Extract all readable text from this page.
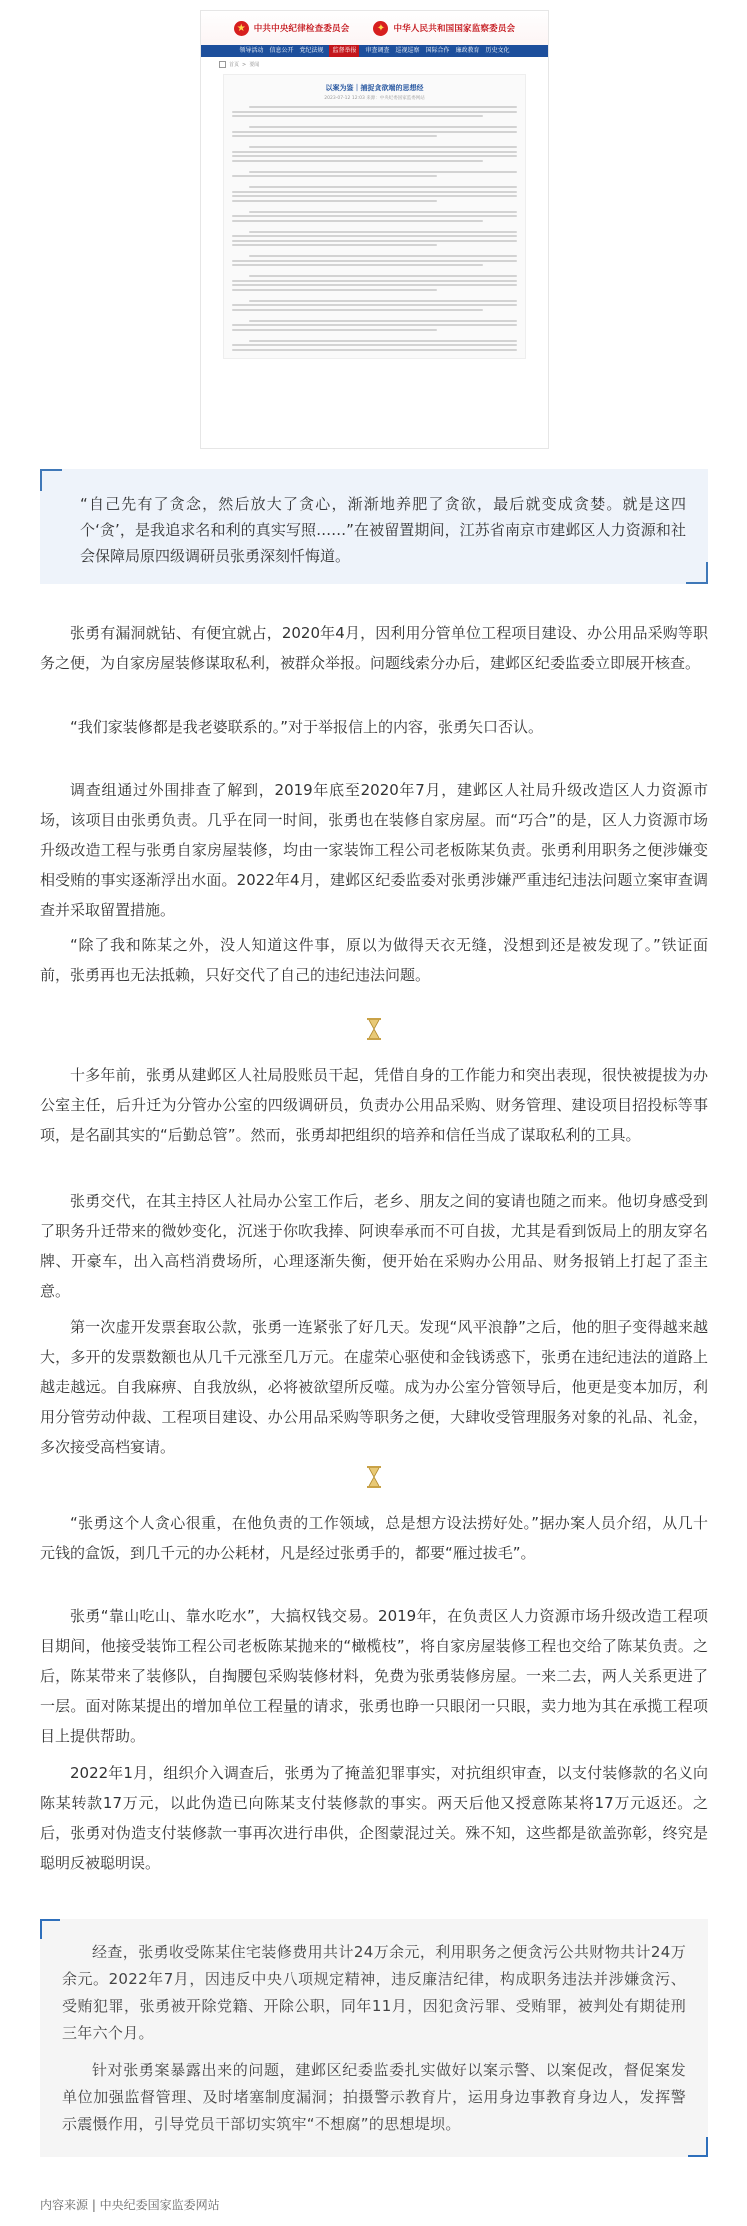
★ 中共中央纪律检查委员会	✦ 中华人民共和国国家监察委员会
领导活动 信息公开 党纪法规	监督举报	审查调查 巡视巡察 国际合作 廉政教育 历史文化
首页 > 要闻
以案为鉴｜捕捉贪欲端的思想经
2023-07-12 12:03 来源：中央纪委国家监委网站
“自己先有了贪念，然后放大了贪心，渐渐地养肥了贪欲，最后就变成贪婪。就是这四个‘贪’，是我追求名和利的真实写照……”在被留置期间，江苏省南京市建邺区人力资源和社会保障局原四级调研员张勇深刻忏悔道。

张勇有漏洞就钻、有便宜就占，2020年4月，因利用分管单位工程项目建设、办公用品采购等职务之便，为自家房屋装修谋取私利，被群众举报。问题线索分办后，建邺区纪委监委立即展开核查。

“我们家装修都是我老婆联系的。”对于举报信上的内容，张勇矢口否认。

调查组通过外围排查了解到，2019年底至2020年7月，建邺区人社局升级改造区人力资源市场，该项目由张勇负责。几乎在同一时间，张勇也在装修自家房屋。而“巧合”的是，区人力资源市场升级改造工程与张勇自家房屋装修，均由一家装饰工程公司老板陈某负责。张勇利用职务之便涉嫌变相受贿的事实逐渐浮出水面。2022年4月，建邺区纪委监委对张勇涉嫌严重违纪违法问题立案审查调查并采取留置措施。

“除了我和陈某之外，没人知道这件事，原以为做得天衣无缝，没想到还是被发现了。”铁证面前，张勇再也无法抵赖，只好交代了自己的违纪违法问题。

十多年前，张勇从建邺区人社局股账员干起，凭借自身的工作能力和突出表现，很快被提拔为办公室主任，后升迁为分管办公室的四级调研员，负责办公用品采购、财务管理、建设项目招投标等事项，是名副其实的“后勤总管”。然而，张勇却把组织的培养和信任当成了谋取私利的工具。

张勇交代，在其主持区人社局办公室工作后，老乡、朋友之间的宴请也随之而来。他切身感受到了职务升迁带来的微妙变化，沉迷于你吹我捧、阿谀奉承而不可自拔，尤其是看到饭局上的朋友穿名牌、开豪车，出入高档消费场所，心理逐渐失衡，便开始在采购办公用品、财务报销上打起了歪主意。

第一次虚开发票套取公款，张勇一连紧张了好几天。发现“风平浪静”之后，他的胆子变得越来越大，多开的发票数额也从几千元涨至几万元。在虚荣心驱使和金钱诱惑下，张勇在违纪违法的道路上越走越远。自我麻痹、自我放纵，必将被欲望所反噬。成为办公室分管领导后，他更是变本加厉，利用分管劳动仲裁、工程项目建设、办公用品采购等职务之便，大肆收受管理服务对象的礼品、礼金，多次接受高档宴请。

“张勇这个人贪心很重，在他负责的工作领域，总是想方设法捞好处。”据办案人员介绍，从几十元钱的盒饭，到几千元的办公耗材，凡是经过张勇手的，都要“雁过拔毛”。

张勇“靠山吃山、靠水吃水”，大搞权钱交易。2019年，在负责区人力资源市场升级改造工程项目期间，他接受装饰工程公司老板陈某抛来的“橄榄枝”，将自家房屋装修工程也交给了陈某负责。之后，陈某带来了装修队，自掏腰包采购装修材料，免费为张勇装修房屋。一来二去，两人关系更进了一层。面对陈某提出的增加单位工程量的请求，张勇也睁一只眼闭一只眼，卖力地为其在承揽工程项目上提供帮助。

2022年1月，组织介入调查后，张勇为了掩盖犯罪事实，对抗组织审查，以支付装修款的名义向陈某转款17万元，以此伪造已向陈某支付装修款的事实。两天后他又授意陈某将17万元返还。之后，张勇对伪造支付装修款一事再次进行串供，企图蒙混过关。殊不知，这些都是欲盖弥彰，终究是聪明反被聪明误。

经查，张勇收受陈某住宅装修费用共计24万余元，利用职务之便贪污公共财物共计24万余元。2022年7月，因违反中央八项规定精神，违反廉洁纪律，构成职务违法并涉嫌贪污、受贿犯罪，张勇被开除党籍、开除公职，同年11月，因犯贪污罪、受贿罪，被判处有期徒刑三年六个月。

针对张勇案暴露出来的问题，建邺区纪委监委扎实做好以案示警、以案促改，督促案发单位加强监督管理、及时堵塞制度漏洞；拍摄警示教育片，运用身边事教育身边人，发挥警示震慑作用，引导党员干部切实筑牢“不想腐”的思想堤坝。

内容来源 | 中央纪委国家监委网站
